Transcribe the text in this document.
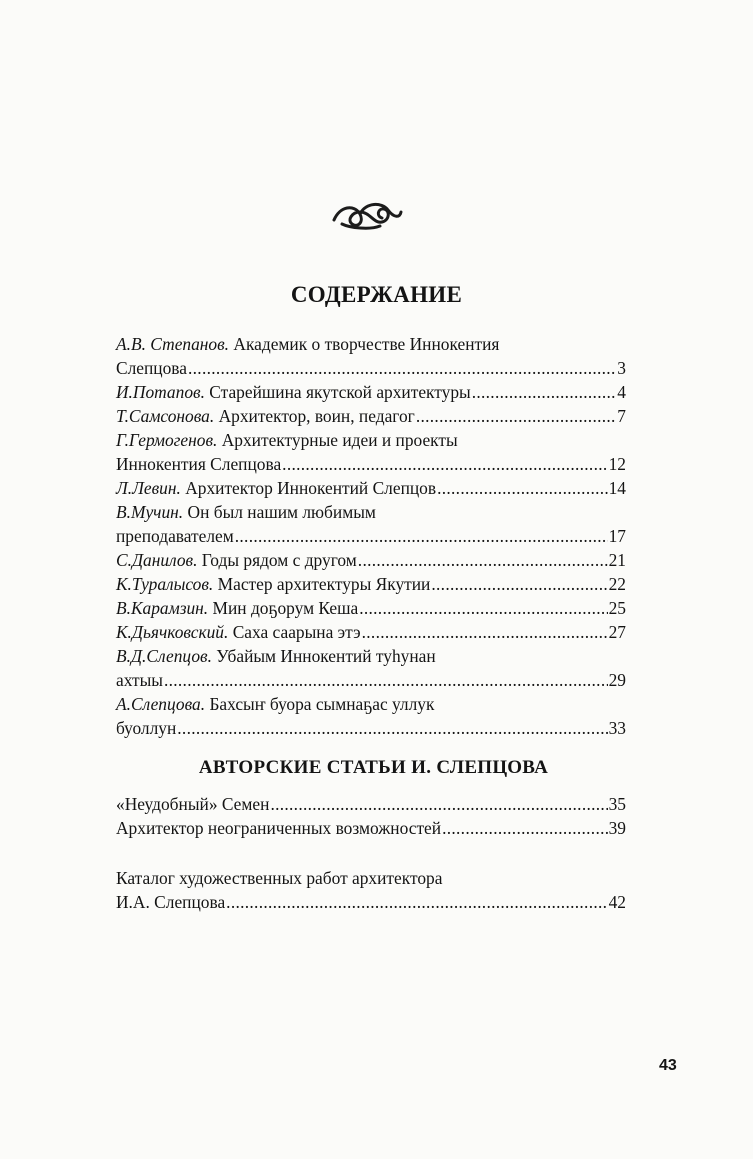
СОДЕРЖАНИЕ
А.В. Степанов.
Академик о творчестве Иннокентия
Слепцова .....	3
И.Потапов.
Старейшина якутской архитектуры .....	4
Т.Самсонова.
Архитектор, воин, педагог .....	7
Г.Гермогенов.
Архитектурные идеи и проекты
Иннокентия Слепцова .....	12
Л.Левин.
Архитектор Иннокентий Слепцов .....	14
В.Мучин.
Он был нашим любимым
преподавателем .....	17
С.Данилов.
Годы рядом с другом .....	21
К.Туралысов.
Мастер архитектуры Якутии .....	22
В.Карамзин.
Мин доҕорум Кеша .....	25
К.Дьячковский.
Саха саарына этэ .....	27
В.Д.Слепцов.
Убайым Иннокентий туһунан
ахтыы .....	29
А.Слепцова.
Бахсыҥ буора сымнаҕас уллук
буоллун .....	33
АВТОРСКИЕ СТАТЬИ И. СЛЕПЦОВА
«Неудобный» Семен .....	35
Архитектор неограниченных возможностей .....	39
Каталог художественных работ архитектора
И.А. Слепцова .....	42
43
